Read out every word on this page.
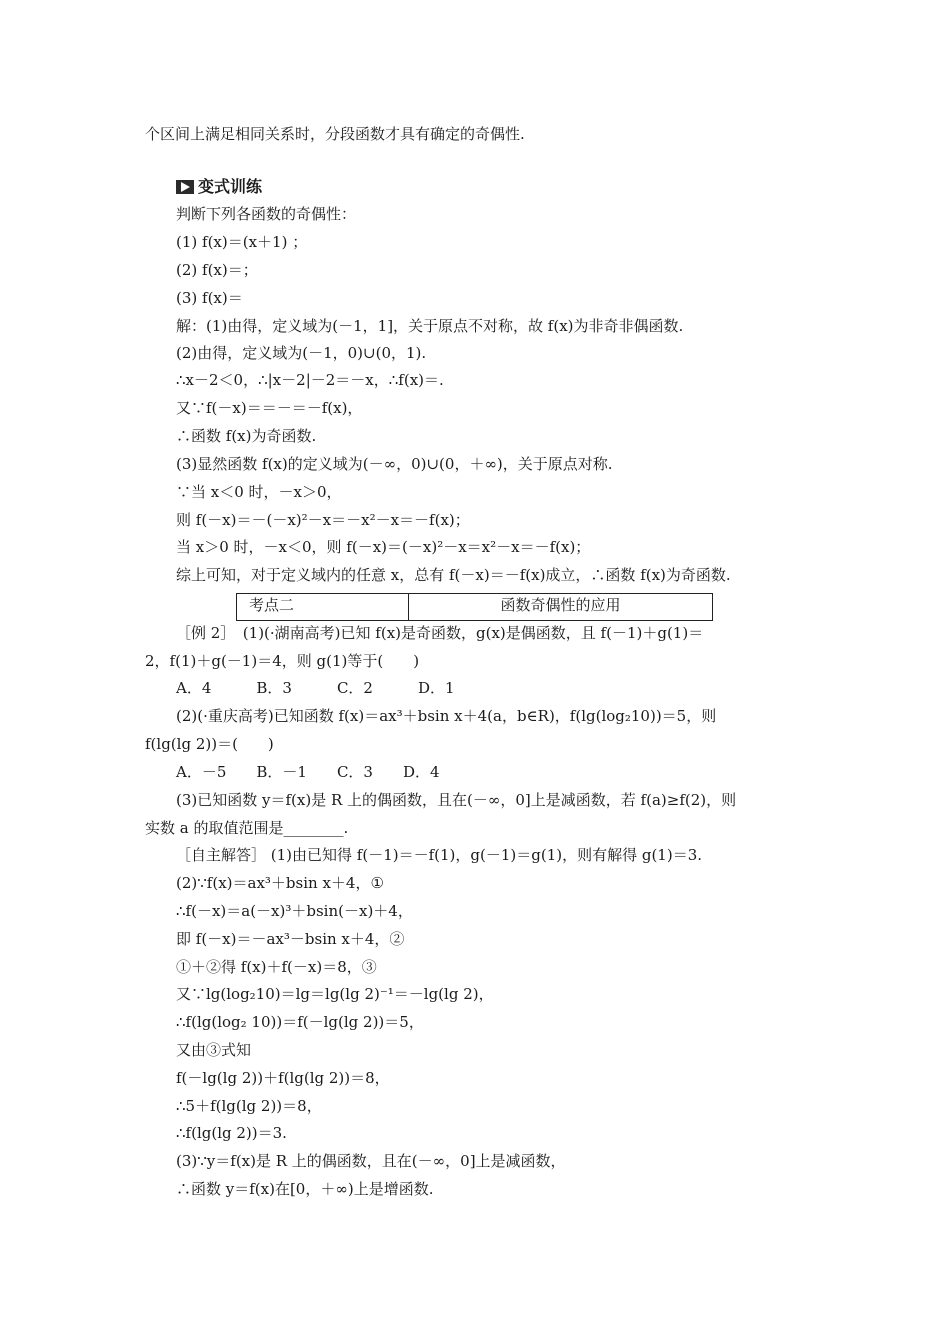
个区间上满足相同关系时，分段函数才具有确定的奇偶性.
变式训练
判断下列各函数的奇偶性：
(1) f(x)＝(x＋1) ；
(2) f(x)＝；
(3) f(x)＝
解：(1)由得，定义域为(－1，1]，关于原点不对称，故 f(x)为非奇非偶函数.
(2)由得，定义域为(－1，0)∪(0，1).
∴x－2＜0，∴|x－2|－2＝－x，∴f(x)＝.
又∵f(－x)＝＝－＝－f(x)，
∴函数 f(x)为奇函数.
(3)显然函数 f(x)的定义域为(－∞，0)∪(0，＋∞)，关于原点对称.
∵当 x＜0 时，－x＞0，
则 f(－x)＝－(－x)²－x＝－x²－x＝－f(x)；
当 x＞0 时，－x＜0，则 f(－x)＝(－x)²－x＝x²－x＝－f(x)；
综上可知，对于定义域内的任意 x，总有 f(－x)＝－f(x)成立，∴函数 f(x)为奇函数.
考点二	函数奇偶性的应用
［例 2］　(1)(·湖南高考)已知 f(x)是奇函数，g(x)是偶函数，且 f(－1)＋g(1)＝
2，f(1)＋g(－1)＝4，则 g(1)等于(　　)
A．4　　　B．3　　　C．2　　　D．1
(2)(·重庆高考)已知函数 f(x)＝ax³＋bsin x＋4(a，b∈R)，f(lg(log₂10))＝5，则
f(lg(lg 2))＝(　　)
A．－5　　B．－1　　C．3　　D．4
(3)已知函数 y＝f(x)是 R 上的偶函数，且在(－∞，0]上是减函数，若 f(a)≥f(2)，则
实数 a 的取值范围是________.
［自主解答］ (1)由已知得 f(－1)＝－f(1)，g(－1)＝g(1)，则有解得 g(1)＝3.
(2)∵f(x)＝ax³＋bsin x＋4，①
∴f(－x)＝a(－x)³＋bsin(－x)＋4，
即 f(－x)＝－ax³－bsin x＋4，②
①＋②得 f(x)＋f(－x)＝8，③
又∵lg(log₂10)＝lg＝lg(lg 2)⁻¹＝－lg(lg 2)，
∴f(lg(log₂ 10))＝f(－lg(lg 2))＝5，
又由③式知
f(－lg(lg 2))＋f(lg(lg 2))＝8，
∴5＋f(lg(lg 2))＝8，
∴f(lg(lg 2))＝3.
(3)∵y＝f(x)是 R 上的偶函数，且在(－∞，0]上是减函数，
∴函数 y＝f(x)在[0，＋∞)上是增函数.
